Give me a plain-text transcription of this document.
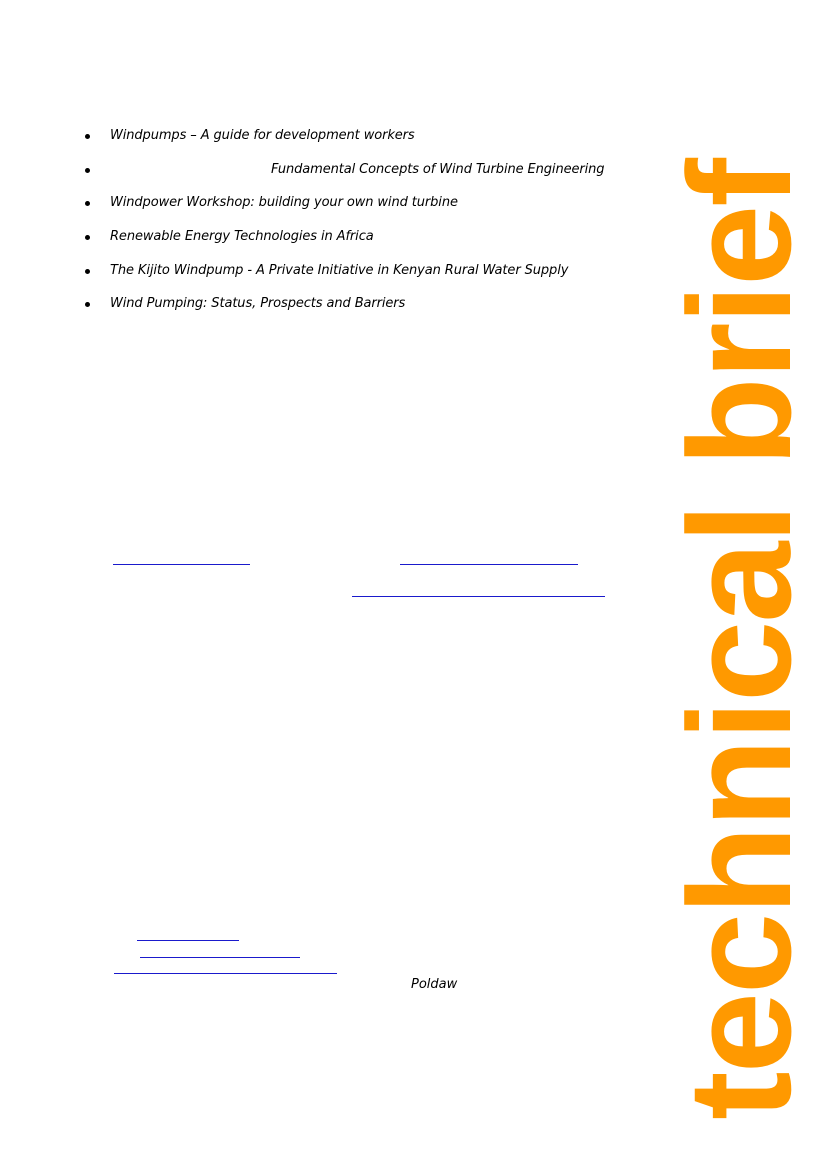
Windpumps – A guide for development workers
Fundamental Concepts of Wind Turbine Engineering
Windpower Workshop: building your own wind turbine
Renewable Energy Technologies in Africa
The Kijito Windpump - A Private Initiative in Kenyan Rural Water Supply
Wind Pumping: Status, Prospects and Barriers
Poldaw technical brief
